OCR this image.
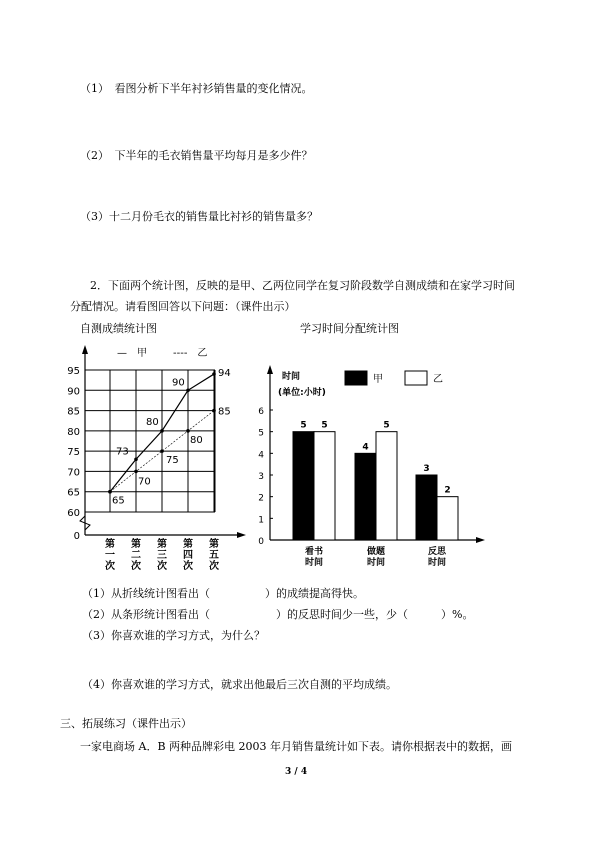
（1）　看图分析下半年衬衫销售量的变化情况。
（2）　下半年的毛衣销售量平均每月是多少件？
（3）十二月份毛衣的销售量比衬衫的销售量多？
2．下面两个统计图，反映的是甲、乙两位同学在复习阶段数学自测成绩和在家学习时间
分配情况。请看图回答以下问题：（课件出示）
自测成绩统计图	学习时间分配统计图
0
60
65
70
75
80
85
90
95
—　甲	----　乙
73
80
90
94
65
70
75
80
85
第
一
次
第
二
次
第
三
次
第
四
次
第
五
次
0
1
2
3
4
5
6
时间
(单位:小时)
甲	乙
5 5
看书
时间
4
5
做题
时间
3
2
反思
时间
（1）从折线统计图看出（　　　　　）的成绩提高得快。
（2）从条形统计图看出（　　　　　　）的反思时间少一些，少（　　　）%。
（3）你喜欢谁的学习方式，为什么？
（4）你喜欢谁的学习方式，就求出他最后三次自测的平均成绩。
三、拓展练习（课件出示）
一家电商场 A．B 两种品牌彩电 2003 年月销售量统计如下表。请你根据表中的数据，画
3 / 4
